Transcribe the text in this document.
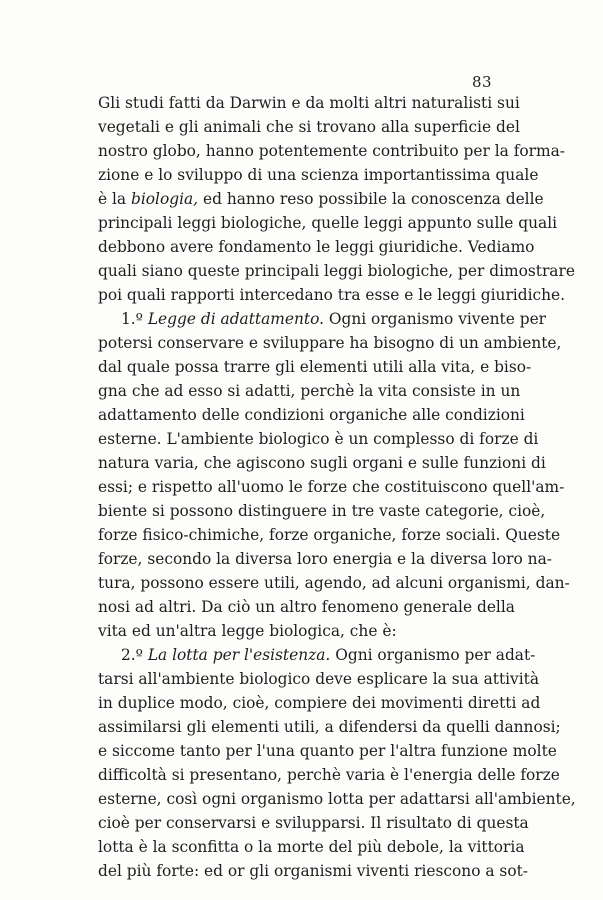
83
Gli studi fatti da Darwin e da molti altri naturalisti sui
vegetali e gli animali che si trovano alla superficie del
nostro globo, hanno potentemente contribuito per la forma-
zione e lo sviluppo di una scienza importantissima quale
è la biologia, ed hanno reso possibile la conoscenza delle
principali leggi biologiche, quelle leggi appunto sulle quali
debbono avere fondamento le leggi giuridiche. Vediamo
quali siano queste principali leggi biologiche, per dimostrare
poi quali rapporti intercedano tra esse e le leggi giuridiche.
1.º Legge di adattamento. Ogni organismo vivente per
potersi conservare e sviluppare ha bisogno di un ambiente,
dal quale possa trarre gli elementi utili alla vita, e biso-
gna che ad esso si adatti, perchè la vita consiste in un
adattamento delle condizioni organiche alle condizioni
esterne. L'ambiente biologico è un complesso di forze di
natura varia, che agiscono sugli organi e sulle funzioni di
essi; e rispetto all'uomo le forze che costituiscono quell'am-
biente si possono distinguere in tre vaste categorie, cioè,
forze fisico-chimiche, forze organiche, forze sociali. Queste
forze, secondo la diversa loro energia e la diversa loro na-
tura, possono essere utili, agendo, ad alcuni organismi, dan-
nosi ad altri. Da ciò un altro fenomeno generale della
vita ed un'altra legge biologica, che è:
2.º La lotta per l'esistenza. Ogni organismo per adat-
tarsi all'ambiente biologico deve esplicare la sua attività
in duplice modo, cioè, compiere dei movimenti diretti ad
assimilarsi gli elementi utili, a difendersi da quelli dannosi;
e siccome tanto per l'una quanto per l'altra funzione molte
difficoltà si presentano, perchè varia è l'energia delle forze
esterne, così ogni organismo lotta per adattarsi all'ambiente,
cioè per conservarsi e svilupparsi. Il risultato di questa
lotta è la sconfitta o la morte del più debole, la vittoria
del più forte: ed or gli organismi viventi riescono a sot-
